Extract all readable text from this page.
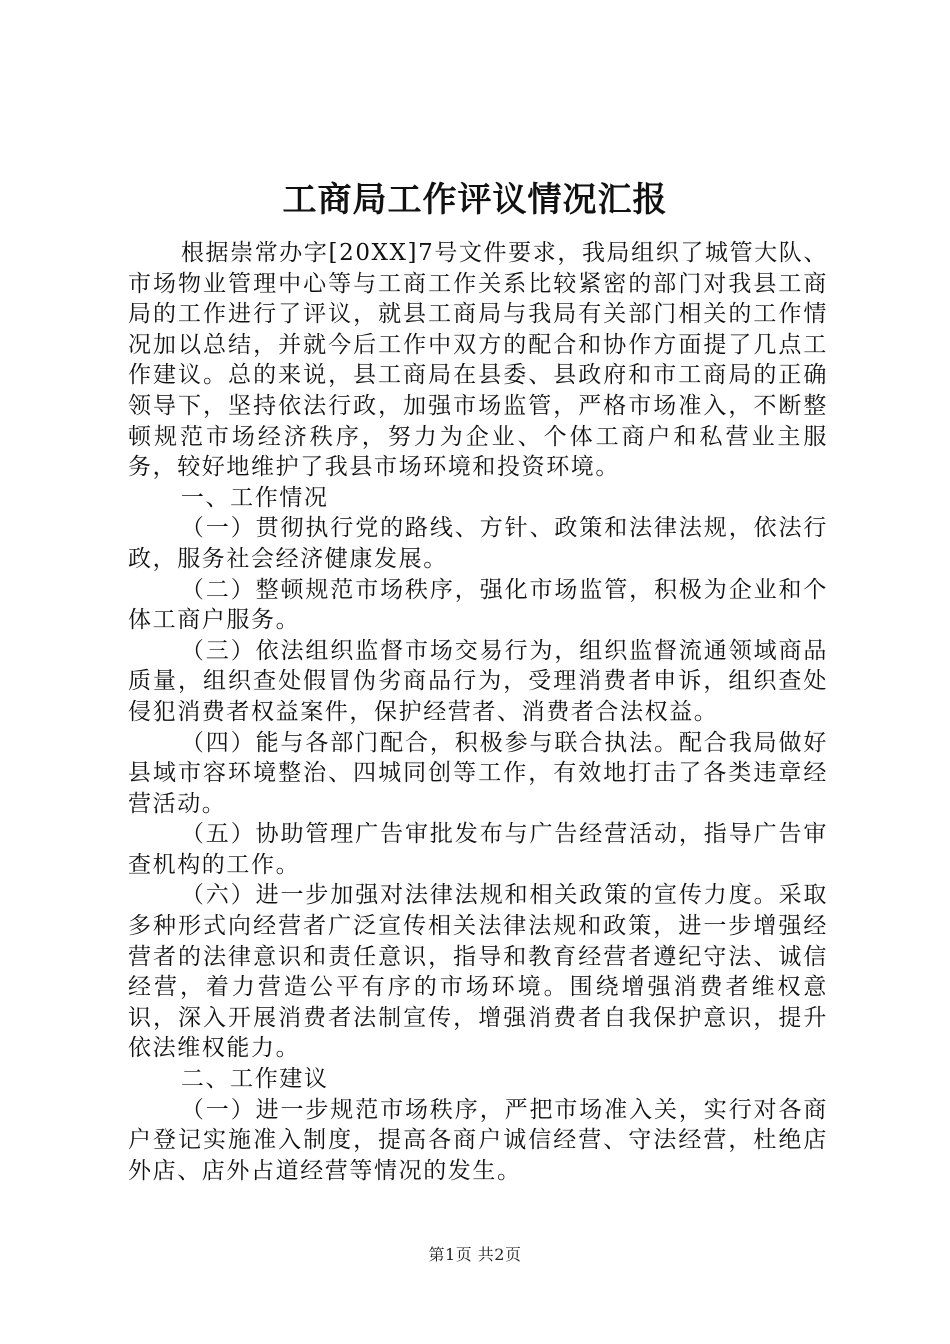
工商局工作评议情况汇报

根据崇常办字[20XX]7号文件要求，我局组织了城管大队、市场物业管理中心等与工商工作关系比较紧密的部门对我县工商局的工作进行了评议，就县工商局与我局有关部门相关的工作情况加以总结，并就今后工作中双方的配合和协作方面提了几点工作建议。总的来说，县工商局在县委、县政府和市工商局的正确领导下，坚持依法行政，加强市场监管，严格市场准入，不断整顿规范市场经济秩序，努力为企业、个体工商户和私营业主服务，较好地维护了我县市场环境和投资环境。

一、工作情况

（一）贯彻执行党的路线、方针、政策和法律法规，依法行政，服务社会经济健康发展。

（二）整顿规范市场秩序，强化市场监管，积极为企业和个体工商户服务。

（三）依法组织监督市场交易行为，组织监督流通领域商品质量，组织查处假冒伪劣商品行为，受理消费者申诉，组织查处侵犯消费者权益案件，保护经营者、消费者合法权益。

（四）能与各部门配合，积极参与联合执法。配合我局做好县域市容环境整治、四城同创等工作，有效地打击了各类违章经营活动。

（五）协助管理广告审批发布与广告经营活动，指导广告审查机构的工作。

（六）进一步加强对法律法规和相关政策的宣传力度。采取多种形式向经营者广泛宣传相关法律法规和政策，进一步增强经营者的法律意识和责任意识，指导和教育经营者遵纪守法、诚信经营，着力营造公平有序的市场环境。围绕增强消费者维权意识，深入开展消费者法制宣传，增强消费者自我保护意识，提升依法维权能力。

二、工作建议

（一）进一步规范市场秩序，严把市场准入关，实行对各商户登记实施准入制度，提高各商户诚信经营、守法经营，杜绝店外店、店外占道经营等情况的发生。

第1页 共2页
